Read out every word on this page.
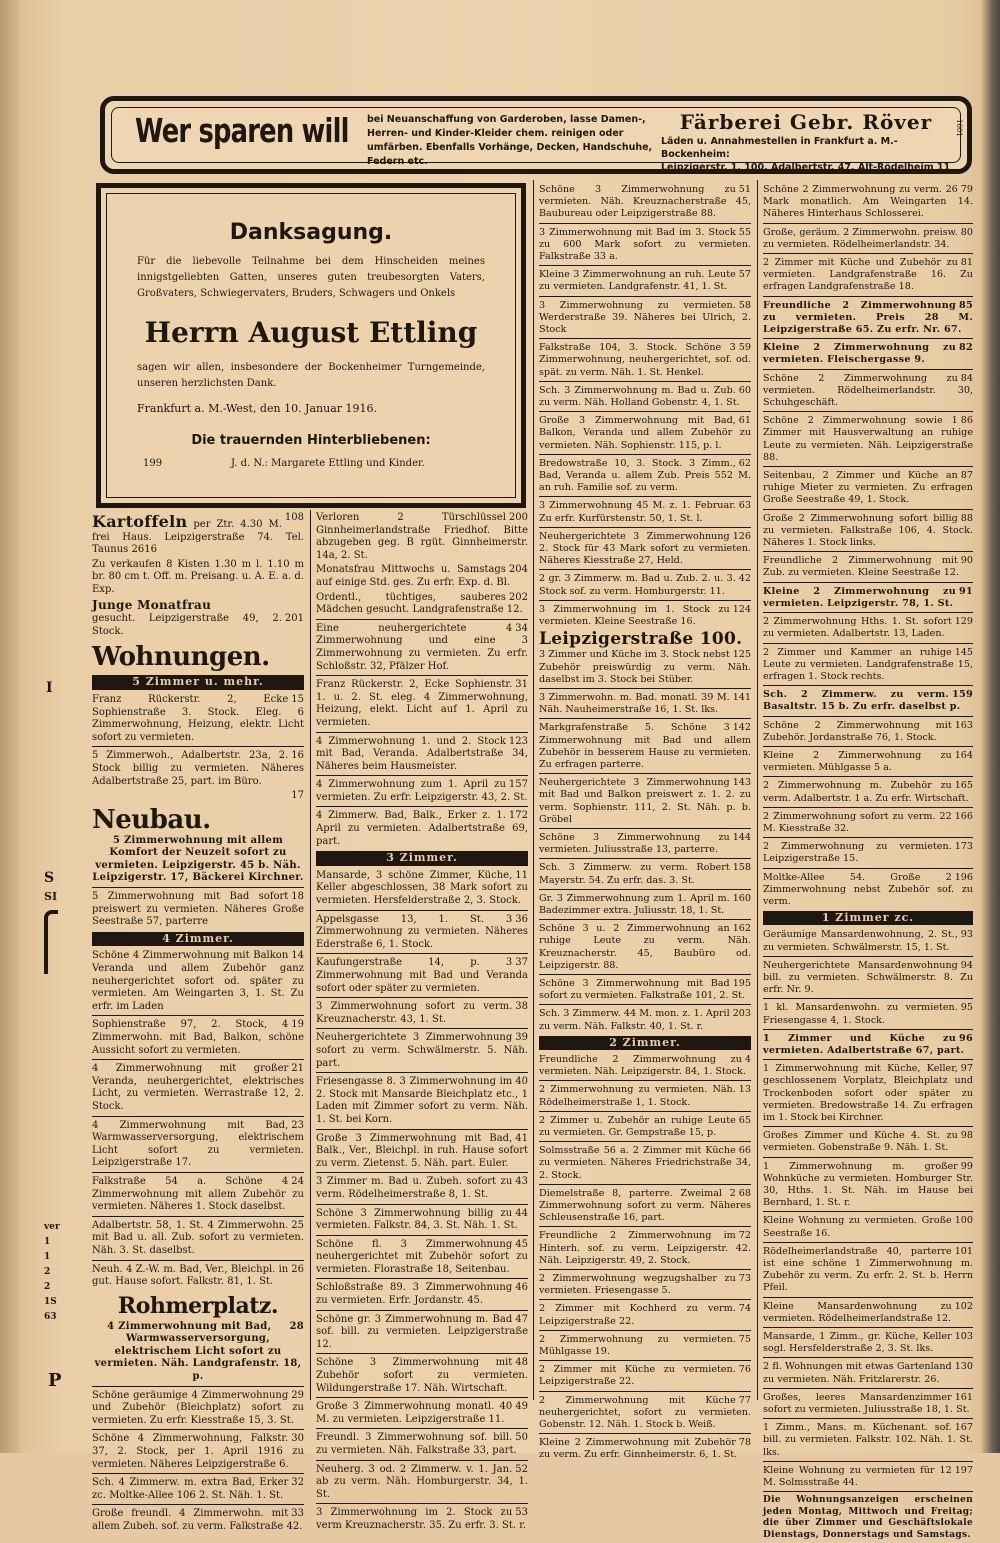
I
S
SI
ver
1
1
2
2
1S
63
P
Wer sparen will bei Neuanschaffung von Garderoben, lasse Damen-, Herren- und Kinder-Kleider chem. reinigen oder umfärben. Ebenfalls Vorhänge, Decken, Handschuhe, Federn etc.
Färberei Gebr. Röver
Läden u. Annahmestellen in Frankfurt a. M.-Bockenheim:
Leipzigerstr. 1, 100. Adalbertstr. 47. Alt-Rödelheim 11
1601
Danksagung.
Für die liebevolle Teilnahme bei dem Hinscheiden meines innigstgeliebten Gatten, unseres guten treubesorgten Vaters, Großvaters, Schwiegervaters, Bruders, Schwagers und Onkels
Herrn August Ettling
sagen wir allen, insbesondere der Bockenheimer Turngemeinde, unseren herzlichsten Dank.
Frankfurt a. M.-West, den 10. Januar 1916.
Die trauernden Hinterbliebenen:
199	J. d. N.: Margarete Ettling und Kinder.

Kartoffeln	108
per Ztr. 4.30 M. frei Haus. Leipzigerstraße 74. Tel. Taunus 2616

Zu verkaufen 8 Kisten 1.30 m l. 1.10 m br. 80 cm t. Off. m. Preisang. u. A. E. a. d. Exp.

Junge Monatfrau

201
gesucht. Leipzigerstraße 49, 2. Stock.

Wohnungen.
5 Zimmer u. mehr.

15
Franz Rückerstr. 2, Ecke Sophienstraße 3. Stock. Eleg. 6 Zimmerwohnung, Heizung, elektr. Licht sofort zu vermieten.

16
5 Zimmerwoh., Adalbertstr. 23a, 2. Stock billig zu vermieten. Näheres Adalbertstraße 25, part. im Büro.

17

Neubau.

5 Zimmerwohnung mit allem Komfort der Neuzeit sofort zu vermieten. Leipzigerstr. 45 b. Näh. Leipzigerstr. 17, Bäckerei Kirchner.

18
5 Zimmerwohnung mit Bad sofort preiswert zu vermieten. Näheres Große Seestraße 57, parterre

4 Zimmer.

14
Schöne 4 Zimmerwohnung mit Balkon Veranda und allem Zubehör ganz neuhergerichtet sofort od. später zu vermieten. Am Weingarten 3, 1. St. Zu erfr. im Laden

19
Sophienstraße 97, 2. Stock, 4 Zimmerwohn. mit Bad, Balkon, schöne Aussicht sofort zu vermieten.

21
4 Zimmerwohnung mit großer Veranda, neuhergerichtet, elektrisches Licht, zu vermieten. Werrastraße 12, 2. Stock.

23
4 Zimmerwohnung mit Bad, Warmwasserversorgung, elektrischem Licht sofort zu vermieten. Leipzigerstraße 17.

24
Falkstraße 54 a. Schöne 4 Zimmerwohnung mit allem Zubehör zu vermieten. Näheres 1. Stock daselbst.

25
Adalbertstr. 58, 1. St. 4 Zimmerwohn. mit Bad u. all. Zub. sofort zu vermieten. Näh. 3. St. daselbst.

26
Neuh. 4 Z.-W. m. Bad, Ver., Bleichpl. in gut. Hause sofort. Falkstr. 81, 1. St.

Rohmerplatz.

28
4 Zimmerwohnung mit Bad, Warmwasserversorgung, elektrischem Licht sofort zu vermieten. Näh. Landgrafenstr. 18, p.

29
Schöne geräumige 4 Zimmerwohnung und Zubehör (Bleichplatz) sofort zu vermieten. Zu erfr. Kiesstraße 15, 3. St.

30
Schöne 4 Zimmerwohnung, Falkstr. 37, 2. Stock, per 1. April 1916 zu vermieten. Näheres Leipzigerstraße 6.

32
Sch. 4 Zimmerw. m. extra Bad, Erker zc. Moltke-Allee 106 2. St. Näh. 1. St.

33
Große freundl. 4 Zimmerwohn. mit allem Zubeh. sof. zu verm. Falkstraße 42.

200
Verloren 2 Türschlüssel Ginnheimerlandstraße Friedhof. Bitte abzugeben geg. B rgüt. Ginnheimerstr. 14a, 2. St.

204
Monatsfrau Mittwochs u. Samstags auf einige Std. ges. Zu erfr. Exp. d. Bl.

202
Ordentl., tüchtiges, sauberes Mädchen gesucht. Landgrafenstraße 12.

34
Eine neuhergerichtete 4 Zimmerwohnung und eine 3 Zimmerwohnung zu vermieten. Zu erfr. Schloßstr. 32, Pfälzer Hof.

31
Franz Rückerstr. 2, Ecke Sophienstr. 1. u. 2. St. eleg. 4 Zimmerwohnung, Heizung, elekt. Licht auf 1. April zu vermieten.

123
4 Zimmerwohnung 1. und 2. Stock mit Bad, Veranda. Adalbertstraße 34, Näheres beim Hausmeister.

157
4 Zimmerwohnung zum 1. April zu vermieten. Zu erfr. Leipzigerstr. 43, 2. St.

172
4 Zimmerw. Bad, Balk., Erker z. 1. April zu vermieten. Adalbertstraße 69, part.

3 Zimmer.

11
Mansarde, 3 schöne Zimmer, Küche, Keller abgeschlossen, 38 Mark sofort zu vermieten. Hersfelderstraße 2, 3. Stock.

36
Appelsgasse 13, 1. St. 3 Zimmerwohnung zu vermieten. Näheres Ederstraße 6, 1. Stock.

37
Kaufungerstraße 14, p. 3 Zimmerwohnung mit Bad und Veranda sofort oder später zu vermieten.

38
3 Zimmerwohnung sofort zu verm. Kreuznacherstr. 43, 1. St.

39
Neuhergerichtete 3 Zimmerwohnung sofort zu verm. Schwälmerstr. 5. Näh. part.

40
Friesengasse 8. 3 Zimmerwohnung im 2. Stock mit Mansarde Bleichplatz etc., 1 Laden mit Zimmer sofort zu verm. Näh. 1. St. bei Korn.

41
Große 3 Zimmerwohnung mit Bad, Balk., Ver., Bleichpl. in ruh. Hause sofort zu verm. Zietenst. 5. Näh. part. Euler.

43
3 Zimmer m. Bad u. Zubeh. sofort zu verm. Rödelheimerstraße 8, 1. St.

44
Schöne 3 Zimmerwohnung billig zu vermieten. Falkstr. 84, 3. St. Näh. 1. St.

45
Schöne fl. 3 Zimmerwohnung neuhergerichtet mit Zubehör sofort zu vermieten. Florastraße 18, Seitenbau.

46
Schloßstraße 89. 3 Zimmerwohnung zu vermieten. Erfr. Jordanstr. 45.

47
Schöne gr. 3 Zimmerwohnung m. Bad sof. bill. zu vermieten. Leipzigerstraße 12.

48
Schöne 3 Zimmerwohnung mit Zubehör sofort zu vermieten. Wildungerstraße 17. Näh. Wirtschaft.

49
Große 3 Zimmerwohnung monatl. 40 M. zu vermieten. Leipzigerstraße 11.

50
Freundl. 3 Zimmerwohnung sof. bill. zu vermieten. Näh. Falkstraße 33, part.

52
Neuherg. 3 od. 2 Zimmerw. v. 1. Jan. ab zu verm. Näh. Homburgerstr. 34, 1. St.

53
3 Zimmerwohnung im 2. Stock zu verm Kreuznacherstr. 35. Zu erfr. 3. St. r.

51
Schöne 3 Zimmerwohnung zu vermieten. Näh. Kreuznacherstraße 45, Baubureau oder Leipzigerstraße 88.

55
3 Zimmerwohnung mit Bad im 3. Stock zu 600 Mark sofort zu vermieten. Falkstraße 33 a.

57
Kleine 3 Zimmerwohnung an ruh. Leute zu vermieten. Landgrafenstr. 41, 1. St.

58
3 Zimmerwohnung zu vermieten. Werderstraße 39. Näheres bei Ulrich, 2. Stock

59
Falkstraße 104, 3. Stock. Schöne 3 Zimmerwohnung, neuhergerichtet, sof. od. spät. zu verm. Näh. 1. St. Henkel.

60
Sch. 3 Zimmerwohnung m. Bad u. Zub. zu verm. Näh. Holland Gobenstr. 4, 1. St.

61
Große 3 Zimmerwohnung mit Bad, Balkon, Veranda und allem Zubehör zu vermieten. Näh. Sophienstr. 115, p. l.

62
Bredowstraße 10, 3. Stock. 3 Zimm., Bad, Veranda u. allem Zub. Preis 552 M. an ruh. Familie sof. zu verm.

63
3 Zimmerwohnung 45 M. z. 1. Februar. Zu erfr. Kurfürstenstr. 50, 1. St. l.

126
Neuhergerichtete 3 Zimmerwohnung 2. Stock für 43 Mark sofort zu vermieten. Näheres Kiesstraße 27, Held.

42
2 gr. 3 Zimmerw. m. Bad u. Zub. 2. u. 3. Stock sof. zu verm. Homburgerstr. 11.

124
3 Zimmerwohnung im 1. Stock zu vermieten. Kleine Seestraße 16.

Leipzigerstraße 100.

125
3 Zimmer und Küche im 3. Stock nebst Zubehör preiswürdig zu verm. Näh. daselbst im 3. Stock bei Stüber.

141
3 Zimmerwohn. m. Bad. monatl. 39 M. Näh. Nauheimerstraße 16, 1. St. lks.

142
Markgrafenstraße 5. Schöne 3 Zimmerwohnung mit Bad und allem Zubehör in besserem Hause zu vermieten. Zu erfragen parterre.

143
Neuhergerichtete 3 Zimmerwohnung mit Bad und Balkon preiswert z. 1. 2. zu verm. Sophienstr. 111, 2. St. Näh. p. b. Gröbel

144
Schöne 3 Zimmerwohnung zu vermieten. Juliusstraße 13, parterre.

158
Sch. 3 Zimmerw. zu verm. Robert Mayerstr. 54. Zu erfr. das. 3. St.

160
Gr. 3 Zimmerwohnung zum 1. April m. Badezimmer extra. Juliusstr. 18, 1. St.

162
Schöne 3 u. 2 Zimmerwohnung an ruhige Leute zu verm. Näh. Kreuznacherstr. 45, Baubüro od. Leipzigerstr. 88.

195
Schöne 3 Zimmerwohnung mit Bad sofort zu vermieten. Falkstraße 101, 2. St.

203
Sch. 3 Zimmerw. 44 M. mon. z. 1. April zu verm. Näh. Falkstr. 40, 1. St. r.

2 Zimmer.

4
Freundliche 2 Zimmerwohnung zu vermieten. Näh. Leipzigerstr. 84, 1. Stock.

13
2 Zimmerwohnung zu vermieten. Näh. Rödelheimerstraße 1, 1. Stock.

65
2 Zimmer u. Zubehör an ruhige Leute zu vermieten. Gr. Gempstraße 15, p.

66
Solmsstraße 56 a. 2 Zimmer mit Küche zu vermieten. Näheres Friedrichstraße 34, 2. Stock.

68
Diemelstraße 8, parterre. Zweimal 2 Zimmerwohnung sofort zu verm. Näheres Schleusenstraße 16, part.

72
Freundliche 2 Zimmerwohnung im Hinterh. sof. zu verm. Leipzigerstr. 42. Näh. Leipzigerstr. 49, 2. Stock.

73
2 Zimmerwohnung wegzugshalber zu vermieten. Friesengasse 5.

74
2 Zimmer mit Kochherd zu verm. Leipzigerstraße 22.

75
2 Zimmerwohnung zu vermieten. Mühlgasse 19.

76
2 Zimmer mit Küche zu vermieten. Leipzigerstraße 22.

77
2 Zimmerwohnung mit Küche neuhergerichtet, sofort zu vermieten. Gobenstr. 12. Näh. 1. Stock b. Weiß.

78
Kleine 2 Zimmerwohnung mit Zubehör zu verm. Zu erfr. Ginnheimerstr. 6, 1. St.

79
Schöne 2 Zimmerwohnung zu verm. 26 Mark monatlich. Am Weingarten 14. Näheres Hinterhaus Schlosserei.

80
Große, geräum. 2 Zimmerwohn. preisw. zu vermieten. Rödelheimerlandstr. 34.

81
2 Zimmer mit Küche und Zubehör zu vermieten. Landgrafenstraße 16. Zu erfragen Landgrafenstraße 18.

85
Freundliche 2 Zimmerwohnung zu vermieten. Preis 28 M. Leipzigerstraße 65. Zu erfr. Nr. 67.

82
Kleine 2 Zimmerwohnung zu vermieten. Fleischergasse 9.

84
Schöne 2 Zimmerwohnung zu vermieten. Rödelheimerlandstr. 30, Schuhgeschäft.

86
Schöne 2 Zimmerwohnung sowie 1 Zimmer mit Hausverwaltung an ruhige Leute zu vermieten. Näh. Leipzigerstraße 88.

87
Seitenbau, 2 Zimmer und Küche an ruhige Mieter zu vermieten. Zu erfragen Große Seestraße 49, 1. Stock.

88
Große 2 Zimmerwohnung sofort billig zu vermieten. Falkstraße 106, 4. Stock. Näheres 1. Stock links.

90
Freundliche 2 Zimmerwohnung mit Zub. zu vermieten. Kleine Seestraße 12.

91
Kleine 2 Zimmerwohnung zu vermieten. Leipzigerstr. 78, 1. St.

129
2 Zimmerwohnung Hths. 1. St. sofort zu vermieten. Adalbertstr. 13, Laden.

145
2 Zimmer und Kammer an ruhige Leute zu vermieten. Landgrafenstraße 15, erfragen 1. Stock rechts.

159
Sch. 2 Zimmerw. zu verm. Basaltstr. 15 b. Zu erfr. daselbst p.

163
Schöne 2 Zimmerwohnung mit Zubehör. Jordanstraße 76, 1. Stock.

164
Kleine 2 Zimmerwohnung zu vermieten. Mühlgasse 5 a.

165
2 Zimmerwohnung m. Zubehör zu verm. Adalbertstr. 1 a. Zu erfr. Wirtschaft.

166
2 Zimmerwohnung sofort zu verm. 22 M. Kiesstraße 32.

173
2 Zimmerwohnung zu vermieten. Leipzigerstraße 15.

196
Moltke-Allee 54. Große 2 Zimmerwohnung nebst Zubehör sof. zu verm.

1 Zimmer zc.

93
Geräumige Mansardenwohnung, 2. St., zu vermieten. Schwälmerstr. 15, 1. St.

94
Neuhergerichtete Mansardenwohnung bill. zu vermieten. Schwälmerstr. 8. Zu erfr. Nr. 9.

95
1 kl. Mansardenwohn. zu vermieten. Friesengasse 4, 1. Stock.

96
1 Zimmer und Küche zu vermieten. Adalbertstraße 67, part.

97
1 Zimmerwohnung mit Küche, Keller, geschlossenem Vorplatz, Bleichplatz und Trockenboden sofort oder später zu vermieten. Bredowstraße 14. Zu erfragen im 1. Stock bei Kirchner.

98
Großes Zimmer und Küche 4. St. zu vermieten. Gobenstraße 9. Näh. 1. St.

99
1 Zimmerwohnung m. großer Wohnküche zu vermieten. Homburger Str. 30, Hths. 1. St. Näh. im Hause bei Bernhard, 1. St. r.

100
Kleine Wohnung zu vermieten. Große Seestraße 16.

101
Rödelheimerlandstraße 40, parterre ist eine schöne 1 Zimmerwohnung m. Zubehör zu verm. Zu erfr. 2. St. b. Herrn Pfeil.

102
Kleine Mansardenwohnung zu vermieten. Rödelheimerlandstraße 12.

103
Mansarde, 1 Zimm., gr. Küche, Keller sogl. Hersfelderstraße 2, 3. St. lks.

130
2 fl. Wohnungen mit etwas Gartenland zu vermieten. Näh. Fritzlarerstr. 26.

161
Großes, leeres Mansardenzimmer sofort zu vermieten. Juliusstraße 18, 1. St.

167
1 Zimm., Mans. m. Küchenant. sof. bill. zu vermieten. Falkstr. 102. Näh. 1. St. lks.

197
Kleine Wohnung zu vermieten für 12 M. Solmsstraße 44.

Die Wohnungsanzeigen erscheinen jeden Montag, Mittwoch und Freitag; die über Zimmer und Geschäftslokale Dienstags, Donnerstags und Samstags.
